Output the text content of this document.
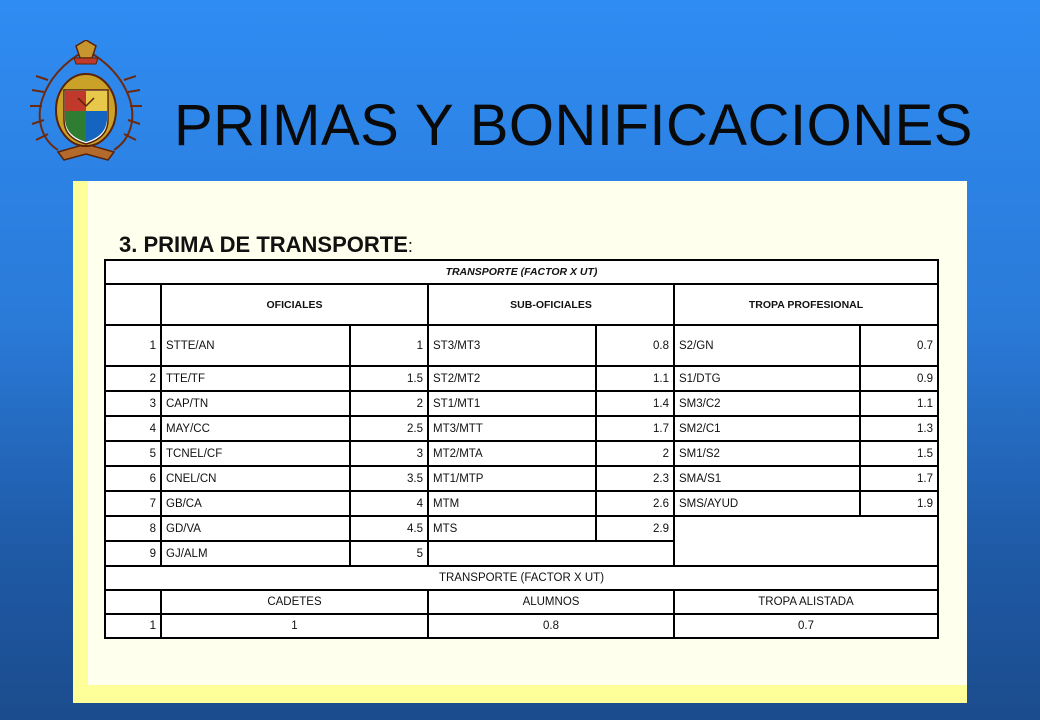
PRIMAS Y BONIFICACIONES
3. PRIMA DE TRANSPORTE:
TRANSPORTE (FACTOR X UT)						
	OFICIALES		SUB-OFICIALES		TROPA PROFESIONAL	
1	STTE/AN	1	ST3/MT3	0.8	S2/GN	0.7
2	TTE/TF	1.5	ST2/MT2	1.1	S1/DTG	0.9
3	CAP/TN	2	ST1/MT1	1.4	SM3/C2	1.1
4	MAY/CC	2.5	MT3/MTT	1.7	SM2/C1	1.3
5	TCNEL/CF	3	MT2/MTA	2	SM1/S2	1.5
6	CNEL/CN	3.5	MT1/MTP	2.3	SMA/S1	1.7
7	GB/CA	4	MTM	2.6	SMS/AYUD	1.9
8	GD/VA	4.5	MTS	2.9		
9	GJ/ALM	5				
TRANSPORTE (FACTOR X UT)						
	CADETES		ALUMNOS		TROPA ALISTADA	
1	1		0.8		0.7	
